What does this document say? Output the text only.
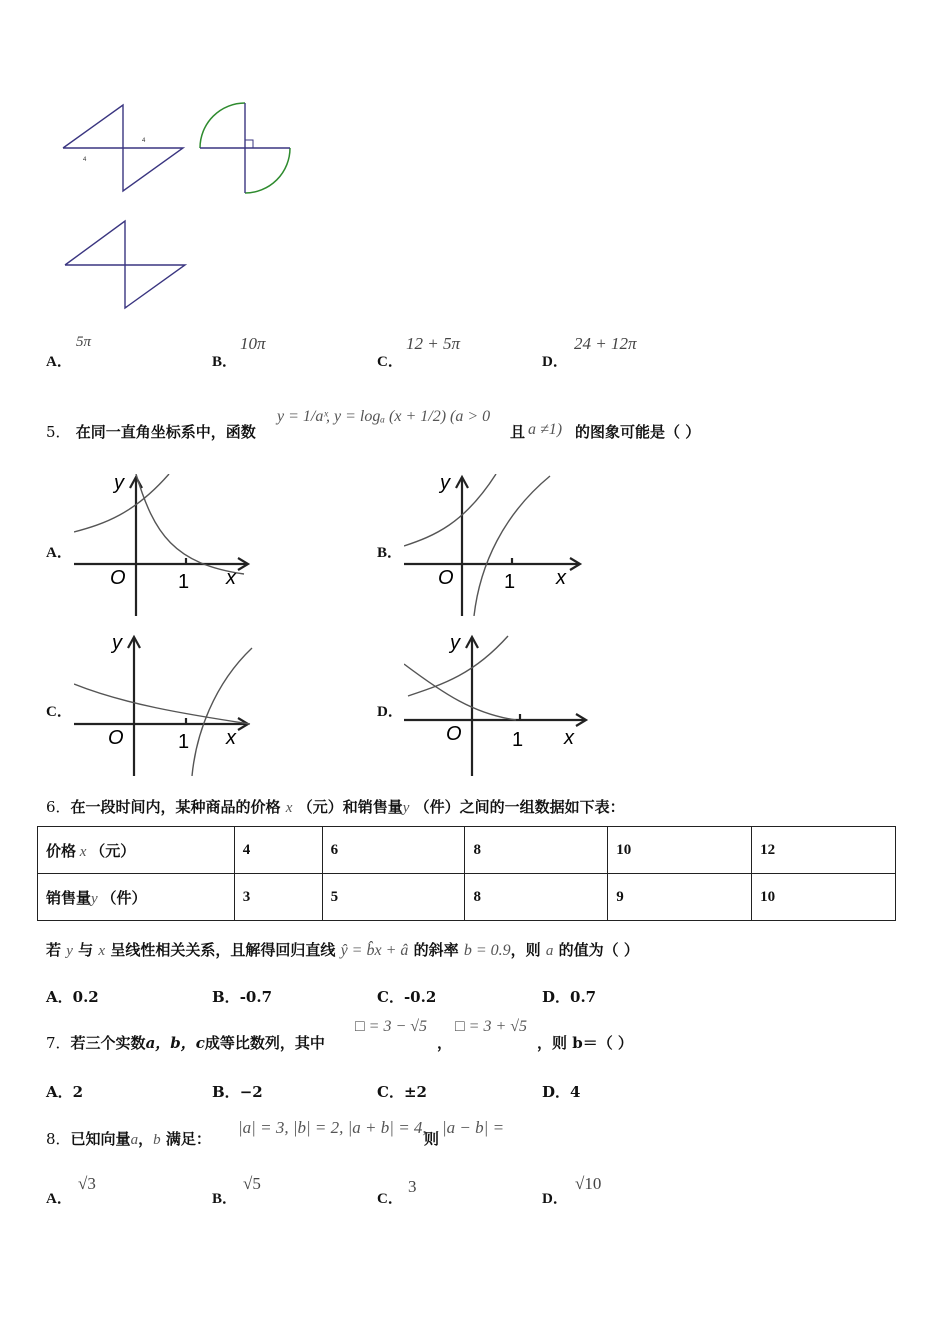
4
4
A．
5π
B．
10π
C．
12 + 5π
D．
24 + 12π
5． 在同一直角坐标系中，函数
y = 1/aˣ
, y = logₐ (x + 1/2) (a > 0
且 a ≠1) 的图象可能是（ ）
A．	B．
C．	D．
y
O	1 x
y
O	1 x
y
O	1 x
y
O	1 x
6．在一段时间内，某种商品的价格 x （元）和销售量y （件）之间的一组数据如下表：
价格 x （元）	4	6	8	10	12
销售量y （件）	3	5	8	9	10
若 y 与 x 呈线性相关关系，且解得回归直线 ŷ = b̂x + â 的斜率 b = 0.9，则 a 的值为（ ）
A．0.2	B．-0.7	C．-0.2	D．0.7
7．若三个实数a，b，c成等比数列，其中
□ = 3 − √5
，
□ = 3 + √5
，则 b＝（ ）
A．2	B．−2	C．±2	D．4
8．已知向量a，b 满足：
|a| = 3, |b| = 2, |a + b| = 4,
则
|a − b| =
A．
√3
B．
√5
C．
3
D．
√10
